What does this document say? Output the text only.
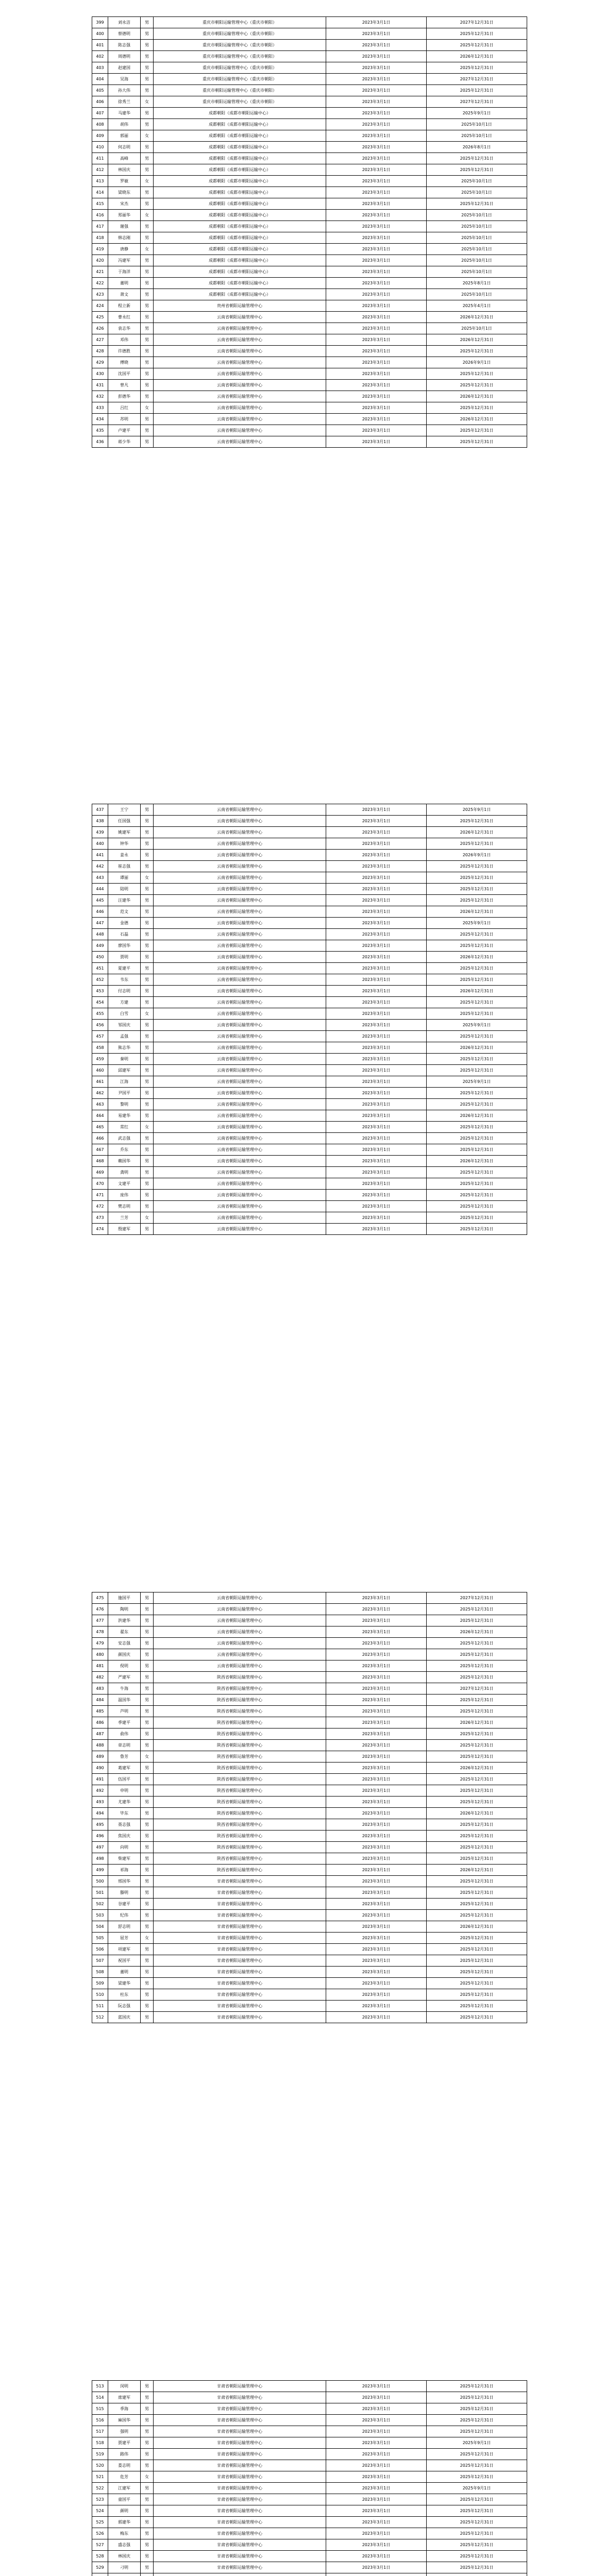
399	刘永洁	男	重庆市朝阳运输管理中心（重庆市朝阳）	2023年3月1日	2027年12月31日
400	蔡德明	男	重庆市朝阳运输管理中心（重庆市朝阳）	2023年3月1日	2025年12月31日
401	陈志强	男	重庆市朝阳运输管理中心（重庆市朝阳）	2023年3月1日	2025年12月31日
402	周德明	男	重庆市朝阳运输管理中心（重庆市朝阳）	2023年3月1日	2026年12月31日
403	赵建国	男	重庆市朝阳运输管理中心（重庆市朝阳）	2023年3月1日	2025年12月31日
404	吴海	男	重庆市朝阳运输管理中心（重庆市朝阳）	2023年3月1日	2027年12月31日
405	孙大伟	男	重庆市朝阳运输管理中心（重庆市朝阳）	2023年3月1日	2025年12月31日
406	徐秀兰	女	重庆市朝阳运输管理中心（重庆市朝阳）	2023年3月1日	2027年12月31日
407	马建华	男	成都朝阳（成都市朝阳运输中心）	2023年3月1日	2025年9月1日
408	胡伟	男	成都朝阳（成都市朝阳运输中心）	2023年3月1日	2025年10月1日
409	郭丽	女	成都朝阳（成都市朝阳运输中心）	2023年3月1日	2025年10月1日
410	何志明	男	成都朝阳（成都市朝阳运输中心）	2023年3月1日	2026年8月1日
411	高峰	男	成都朝阳（成都市朝阳运输中心）	2023年3月1日	2025年12月31日
412	林国庆	男	成都朝阳（成都市朝阳运输中心）	2023年3月1日	2025年12月31日
413	罗敏	女	成都朝阳（成都市朝阳运输中心）	2023年3月1日	2025年10月1日
414	梁晓东	男	成都朝阳（成都市朝阳运输中心）	2023年3月1日	2025年10月1日
415	宋杰	男	成都朝阳（成都市朝阳运输中心）	2023年3月1日	2025年12月31日
416	郑丽华	女	成都朝阳（成都市朝阳运输中心）	2023年3月1日	2025年10月1日
417	谢强	男	成都朝阳（成都市朝阳运输中心）	2023年3月1日	2025年10月1日
418	韩志刚	男	成都朝阳（成都市朝阳运输中心）	2023年3月1日	2025年10月1日
419	唐静	女	成都朝阳（成都市朝阳运输中心）	2023年3月1日	2025年10月1日
420	冯建军	男	成都朝阳（成都市朝阳运输中心）	2023年3月1日	2025年10月1日
421	于海洋	男	成都朝阳（成都市朝阳运输中心）	2023年3月1日	2025年10月1日
422	董明	男	成都朝阳（成都市朝阳运输中心）	2023年3月1日	2025年8月1日
423	萧文	男	成都朝阳（成都市朝阳运输中心）	2023年3月1日	2025年10月1日
424	程立新	男	贵州省朝阳运输管理中心	2023年3月1日	2025年4月1日
425	曹永红	男	云南省朝阳运输管理中心	2023年3月1日	2026年12月31日
426	袁志华	男	云南省朝阳运输管理中心	2023年3月1日	2025年10月1日
427	邓伟	男	云南省朝阳运输管理中心	2023年3月1日	2026年12月31日
428	许德胜	男	云南省朝阳运输管理中心	2023年3月1日	2025年12月31日
429	傅晓	男	云南省朝阳运输管理中心	2023年3月1日	2026年9月1日
430	沈国平	男	云南省朝阳运输管理中心	2023年3月1日	2025年12月31日
431	曾凡	男	云南省朝阳运输管理中心	2023年3月1日	2025年12月31日
432	彭德华	男	云南省朝阳运输管理中心	2023年3月1日	2026年12月31日
433	吕红	女	云南省朝阳运输管理中心	2023年3月1日	2025年12月31日
434	苏明	男	云南省朝阳运输管理中心	2023年3月1日	2026年12月31日
435	卢建平	男	云南省朝阳运输管理中心	2023年3月1日	2025年12月31日
436	蒋少华	男	云南省朝阳运输管理中心	2023年3月1日	2025年12月31日
437	王宁	男	云南省朝阳运输管理中心	2023年3月1日	2025年9月1日
438	任国强	男	云南省朝阳运输管理中心	2023年3月1日	2025年12月31日
439	姚建军	男	云南省朝阳运输管理中心	2023年3月1日	2026年12月31日
440	钟华	男	云南省朝阳运输管理中心	2023年3月1日	2025年12月31日
441	姜永	男	云南省朝阳运输管理中心	2023年3月1日	2026年9月1日
442	崔志强	男	云南省朝阳运输管理中心	2023年3月1日	2025年12月31日
443	谭丽	女	云南省朝阳运输管理中心	2023年3月1日	2025年12月31日
444	陆明	男	云南省朝阳运输管理中心	2023年3月1日	2025年12月31日
445	汪建华	男	云南省朝阳运输管理中心	2023年3月1日	2025年12月31日
446	范文	男	云南省朝阳运输管理中心	2023年3月1日	2026年12月31日
447	金德	男	云南省朝阳运输管理中心	2023年3月1日	2025年9月1日
448	石磊	男	云南省朝阳运输管理中心	2023年3月1日	2025年12月31日
449	廖国华	男	云南省朝阳运输管理中心	2023年3月1日	2025年12月31日
450	贾明	男	云南省朝阳运输管理中心	2023年3月1日	2026年12月31日
451	夏建平	男	云南省朝阳运输管理中心	2023年3月1日	2025年12月31日
452	韦东	男	云南省朝阳运输管理中心	2023年3月1日	2025年12月31日
453	付志明	男	云南省朝阳运输管理中心	2023年3月1日	2026年12月31日
454	方建	男	云南省朝阳运输管理中心	2023年3月1日	2025年12月31日
455	白雪	女	云南省朝阳运输管理中心	2023年3月1日	2025年12月31日
456	邹国庆	男	云南省朝阳运输管理中心	2023年3月1日	2025年9月1日
457	孟强	男	云南省朝阳运输管理中心	2023年3月1日	2025年12月31日
458	熊志华	男	云南省朝阳运输管理中心	2023年3月1日	2026年12月31日
459	秦明	男	云南省朝阳运输管理中心	2023年3月1日	2025年12月31日
460	邱建军	男	云南省朝阳运输管理中心	2023年3月1日	2025年12月31日
461	江海	男	云南省朝阳运输管理中心	2023年3月1日	2025年9月1日
462	尹国平	男	云南省朝阳运输管理中心	2023年3月1日	2025年12月31日
463	黎明	男	云南省朝阳运输管理中心	2023年3月1日	2025年12月31日
464	易建华	男	云南省朝阳运输管理中心	2023年3月1日	2026年12月31日
465	常红	女	云南省朝阳运输管理中心	2023年3月1日	2025年12月31日
466	武志强	男	云南省朝阳运输管理中心	2023年3月1日	2025年12月31日
467	乔东	男	云南省朝阳运输管理中心	2023年3月1日	2025年12月31日
468	赖国华	男	云南省朝阳运输管理中心	2023年3月1日	2026年12月31日
469	龚明	男	云南省朝阳运输管理中心	2023年3月1日	2025年12月31日
470	文建平	男	云南省朝阳运输管理中心	2023年3月1日	2025年12月31日
471	庞伟	男	云南省朝阳运输管理中心	2023年3月1日	2025年12月31日
472	樊志明	男	云南省朝阳运输管理中心	2023年3月1日	2025年12月31日
473	兰芳	女	云南省朝阳运输管理中心	2023年3月1日	2025年12月31日
474	殷建军	男	云南省朝阳运输管理中心	2023年3月1日	2025年12月31日
475	施国平	男	云南省朝阳运输管理中心	2023年3月1日	2027年12月31日
476	陶明	男	云南省朝阳运输管理中心	2023年3月1日	2025年12月31日
477	洪建华	男	云南省朝阳运输管理中心	2023年3月1日	2025年12月31日
478	翟东	男	云南省朝阳运输管理中心	2023年3月1日	2026年12月31日
479	安志强	男	云南省朝阳运输管理中心	2023年3月1日	2025年12月31日
480	颜国庆	男	云南省朝阳运输管理中心	2023年3月1日	2025年12月31日
481	倪明	男	云南省朝阳运输管理中心	2023年3月1日	2025年12月31日
482	严建军	男	陕西省朝阳运输管理中心	2023年3月1日	2025年12月31日
483	牛海	男	陕西省朝阳运输管理中心	2023年3月1日	2027年12月31日
484	温国华	男	陕西省朝阳运输管理中心	2023年3月1日	2025年12月31日
485	芦明	男	陕西省朝阳运输管理中心	2023年3月1日	2025年12月31日
486	季建平	男	陕西省朝阳运输管理中心	2023年3月1日	2026年12月31日
487	俞伟	男	陕西省朝阳运输管理中心	2023年3月1日	2025年12月31日
488	章志明	男	陕西省朝阳运输管理中心	2023年3月1日	2025年12月31日
489	鲁芳	女	陕西省朝阳运输管理中心	2023年3月1日	2025年12月31日
490	葛建军	男	陕西省朝阳运输管理中心	2023年3月1日	2026年12月31日
491	伍国平	男	陕西省朝阳运输管理中心	2023年3月1日	2025年12月31日
492	申明	男	陕西省朝阳运输管理中心	2023年3月1日	2025年12月31日
493	尤建华	男	陕西省朝阳运输管理中心	2023年3月1日	2025年12月31日
494	毕东	男	陕西省朝阳运输管理中心	2023年3月1日	2026年12月31日
495	聂志强	男	陕西省朝阳运输管理中心	2023年3月1日	2025年12月31日
496	焦国庆	男	陕西省朝阳运输管理中心	2023年3月1日	2025年12月31日
497	向明	男	陕西省朝阳运输管理中心	2023年3月1日	2025年12月31日
498	柴建军	男	陕西省朝阳运输管理中心	2023年3月1日	2025年12月31日
499	祁海	男	陕西省朝阳运输管理中心	2023年3月1日	2026年12月31日
500	邢国华	男	甘肃省朝阳运输管理中心	2023年3月1日	2025年12月31日
501	滕明	男	甘肃省朝阳运输管理中心	2023年3月1日	2025年12月31日
502	谷建平	男	甘肃省朝阳运输管理中心	2023年3月1日	2025年12月31日
503	纪伟	男	甘肃省朝阳运输管理中心	2023年3月1日	2025年12月31日
504	舒志明	男	甘肃省朝阳运输管理中心	2023年3月1日	2026年12月31日
505	屈芳	女	甘肃省朝阳运输管理中心	2023年3月1日	2025年12月31日
506	项建军	男	甘肃省朝阳运输管理中心	2023年3月1日	2025年12月31日
507	祝国平	男	甘肃省朝阳运输管理中心	2023年3月1日	2025年12月31日
508	董明	男	甘肃省朝阳运输管理中心	2023年3月1日	2025年12月31日
509	梁建华	男	甘肃省朝阳运输管理中心	2023年3月1日	2025年12月31日
510	杜东	男	甘肃省朝阳运输管理中心	2023年3月1日	2025年12月31日
511	阮志强	男	甘肃省朝阳运输管理中心	2023年3月1日	2025年12月31日
512	蓝国庆	男	甘肃省朝阳运输管理中心	2023年3月1日	2025年12月31日
513	闵明	男	甘肃省朝阳运输管理中心	2023年3月1日	2025年12月31日
514	席建军	男	甘肃省朝阳运输管理中心	2023年3月1日	2025年12月31日
515	季海	男	甘肃省朝阳运输管理中心	2023年3月1日	2025年12月31日
516	麻国华	男	甘肃省朝阳运输管理中心	2023年3月1日	2025年12月31日
517	强明	男	甘肃省朝阳运输管理中心	2023年3月1日	2025年12月31日
518	贾建平	男	甘肃省朝阳运输管理中心	2023年3月1日	2025年9月1日
519	路伟	男	甘肃省朝阳运输管理中心	2023年3月1日	2025年12月31日
520	娄志明	男	甘肃省朝阳运输管理中心	2023年3月1日	2025年12月31日
521	危芳	女	甘肃省朝阳运输管理中心	2023年3月1日	2025年12月31日
522	江建军	男	甘肃省朝阳运输管理中心	2023年3月1日	2025年9月1日
523	童国平	男	甘肃省朝阳运输管理中心	2023年3月1日	2025年12月31日
524	颜明	男	甘肃省朝阳运输管理中心	2023年3月1日	2025年12月31日
525	郭建华	男	甘肃省朝阳运输管理中心	2023年3月1日	2025年12月31日
526	梅东	男	甘肃省朝阳运输管理中心	2023年3月1日	2025年12月31日
527	盛志强	男	甘肃省朝阳运输管理中心	2023年3月1日	2025年12月31日
528	林国庆	男	甘肃省朝阳运输管理中心	2023年3月1日	2025年12月31日
529	刁明	男	甘肃省朝阳运输管理中心	2023年3月1日	2025年12月31日
